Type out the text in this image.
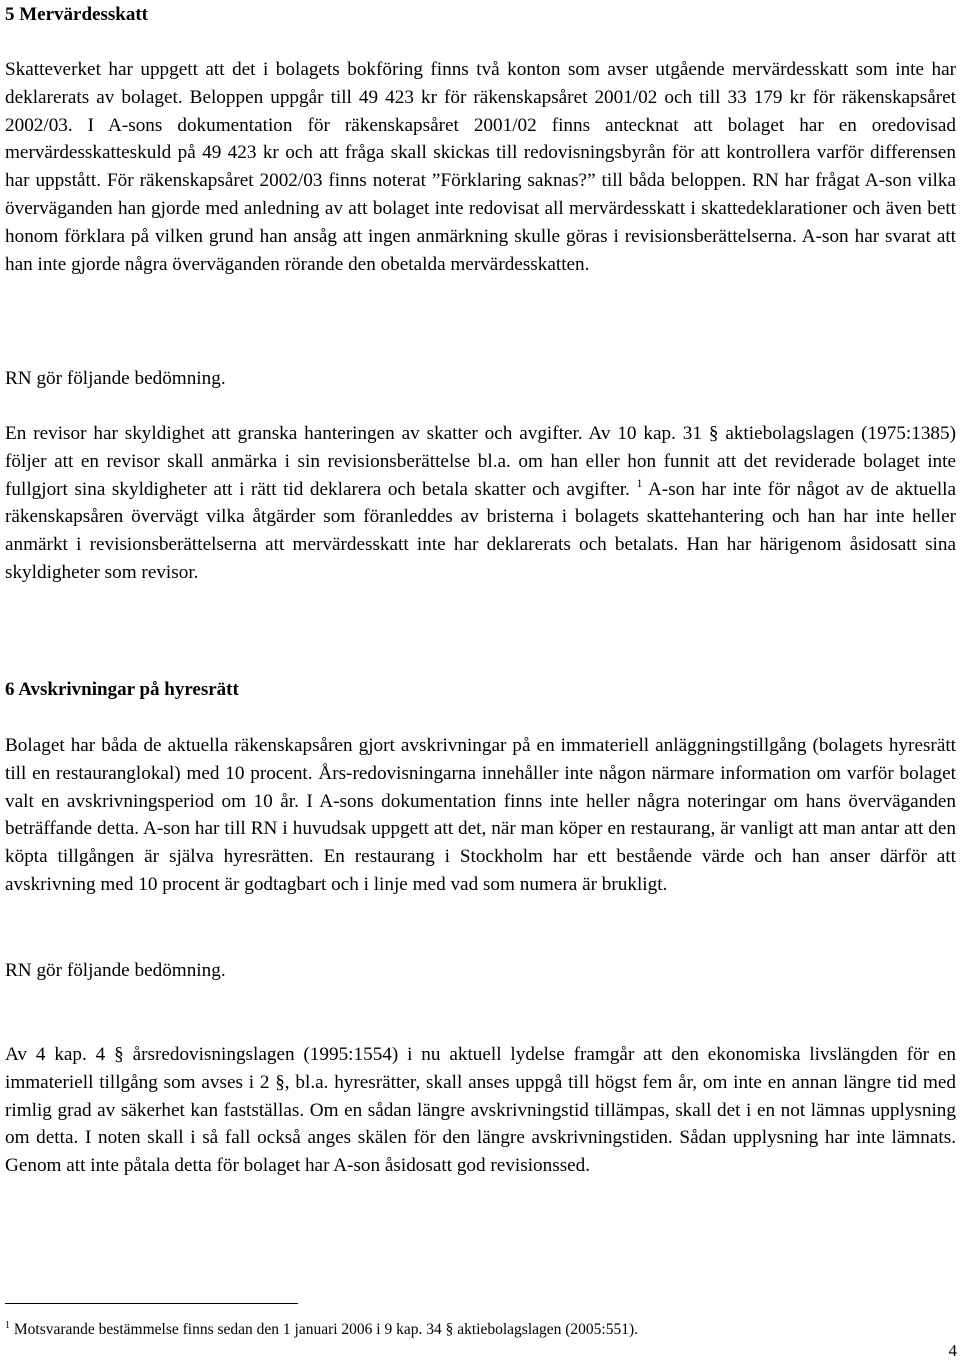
5 Mervärdesskatt

Skatteverket har uppgett att det i bolagets bokföring finns två konton som avser utgående mervärdesskatt som inte har deklarerats av bolaget. Beloppen uppgår till 49 423 kr för räkenskapsåret 2001/02 och till 33 179 kr för räkenskapsåret 2002/03. I A-sons dokumentation för räkenskapsåret 2001/02 finns antecknat att bolaget har en oredovisad mervärdesskatteskuld på 49 423 kr och att fråga skall skickas till redovisningsbyrån för att kontrollera varför differensen har uppstått. För räkenskapsåret 2002/03 finns noterat ”Förklaring saknas?” till båda beloppen. RN har frågat A-son vilka överväganden han gjorde med anledning av att bolaget inte redovisat all mervärdesskatt i skattedeklarationer och även bett honom förklara på vilken grund han ansåg att ingen anmärkning skulle göras i revisionsberättelserna. A-son har svarat att han inte gjorde några överväganden rörande den obetalda mervärdesskatten.

RN gör följande bedömning.

En revisor har skyldighet att granska hanteringen av skatter och avgifter. Av 10 kap. 31 § aktiebolagslagen (1975:1385) följer att en revisor skall anmärka i sin revisionsberättelse bl.a. om han eller hon funnit att det reviderade bolaget inte fullgjort sina skyldigheter att i rätt tid deklarera och betala skatter och avgifter. $^1$ A-son har inte för något av de aktuella räkenskapsåren övervägt vilka åtgärder som föranleddes av bristerna i bolagets skattehantering och han har inte heller anmärkt i revisionsberättelserna att mervärdesskatt inte har deklarerats och betalats. Han har härigenom åsidosatt sina skyldigheter som revisor.

6 Avskrivningar på hyresrätt

Bolaget har båda de aktuella räkenskapsåren gjort avskrivningar på en immateriell anläggningstillgång (bolagets hyresrätt till en restauranglokal) med 10 procent. Års-redovisningarna innehåller inte någon närmare information om varför bolaget valt en avskrivningsperiod om 10 år. I A-sons dokumentation finns inte heller några noteringar om hans överväganden beträffande detta. A-son har till RN i huvudsak uppgett att det, när man köper en restaurang, är vanligt att man antar att den köpta tillgången är själva hyresrätten. En restaurang i Stockholm har ett bestående värde och han anser därför att avskrivning med 10 procent är godtagbart och i linje med vad som numera är brukligt.

RN gör följande bedömning.

Av 4 kap. 4 § årsredovisningslagen (1995:1554) i nu aktuell lydelse framgår att den ekonomiska livslängden för en immateriell tillgång som avses i 2 §, bl.a. hyresrätter, skall anses uppgå till högst fem år, om inte en annan längre tid med rimlig grad av säkerhet kan fastställas. Om en sådan längre avskrivningstid tillämpas, skall det i en not lämnas upplysning om detta. I noten skall i så fall också anges skälen för den längre avskrivningstiden. Sådan upplysning har inte lämnats. Genom att inte påtala detta för bolaget har A-son åsidosatt god revisionssed.

$^1$ Motsvarande bestämmelse finns sedan den 1 januari 2006 i 9 kap. 34 § aktiebolagslagen (2005:551).

4
